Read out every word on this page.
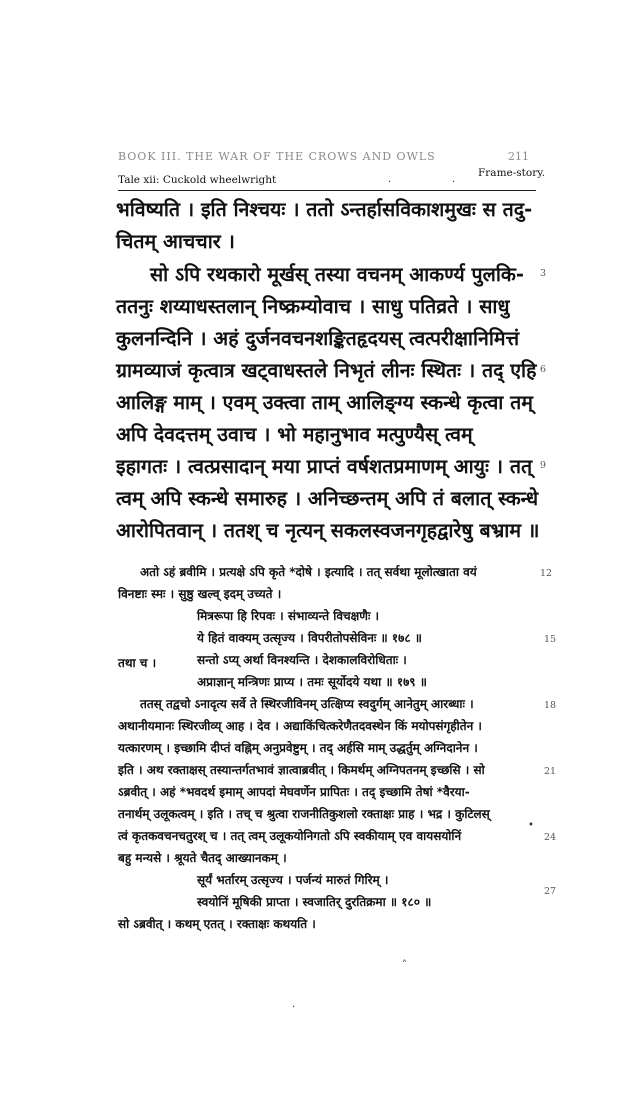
BOOK III. THE WAR OF THE CROWS AND OWLS	211
Tale xii: Cuckold wheelwright
Frame-story.
भविष्यति । इति निश्चयः । ततो ऽन्तर्हासविकाशमुखः स तदु-
चितम् आचचार ।
सो ऽपि रथकारो मूर्खस् तस्या वचनम् आकर्ण्य पुलकि-
ततनुः शय्याधस्तलान् निष्क्रम्योवाच । साधु पतिव्रते । साधु
कुलनन्दिनि । अहं दुर्जनवचनशङ्कितहृदयस् त्वत्परीक्षानिमित्तं
ग्रामव्याजं कृत्वात्र खट्वाधस्तले निभृतं लीनः स्थितः । तद् एहि
आलिङ्ग माम् । एवम् उक्त्वा ताम् आलिङ्ग्य स्कन्धे कृत्वा तम्
अपि देवदत्तम् उवाच । भो महानुभाव मत्पुण्यैस् त्वम्
इहागतः । त्वत्प्रसादान् मया प्राप्तं वर्षशतप्रमाणम् आयुः । तत्
त्वम् अपि स्कन्धे समारुह । अनिच्छन्तम् अपि तं बलात् स्कन्धे
आरोपितवान् । ततश् च नृत्यन् सकलस्वजनगृहद्वारेषु बभ्राम ॥
अतो ऽहं ब्रवीमि । प्रत्यक्षे ऽपि कृते *दोषे । इत्यादि । तत् सर्वथा मूलोत्खाता वयं
विनष्टाः स्मः । सुष्ठु खल्व् इदम् उच्यते ।
मित्ररूपा हि रिपवः । संभाव्यन्ते विचक्षणैः ।
ये हितं वाक्यम् उत्सृज्य । विपरीतोपसेविनः ॥ १७८ ॥
तथा च ।	सन्तो ऽप्य् अर्था विनश्यन्ति । देशकालविरोधिताः ।
अप्राज्ञान् मन्त्रिणः प्राप्य । तमः सूर्योदये यथा ॥ १७९ ॥
ततस् तद्वचो ऽनादृत्य सर्वे ते स्थिरजीविनम् उत्क्षिप्य स्वदुर्गम् आनेतुम् आरब्धाः ।
अथानीयमानः स्थिरजीव्य् आह । देव । अद्याकिंचित्करेणैतदवस्थेन किं मयोपसंगृहीतेन ।
यत्कारणम् । इच्छामि दीप्तं वह्निम् अनुप्रवेष्टुम् । तद् अर्हसि माम् उद्धर्तुम् अग्निदानेन ।
इति । अथ रक्ताक्षस् तस्यान्तर्गतभावं ज्ञात्वाब्रवीत् । किमर्थम् अग्निपतनम् इच्छसि । सो
ऽब्रवीत् । अहं *भवदर्थ इमाम् आपदां मेघवर्णेन प्रापितः । तद् इच्छामि तेषां *वैरया-
तनार्थम् उलूकत्वम् । इति । तच् च श्रुत्वा राजनीतिकुशलो रक्ताक्षः प्राह । भद्र । कुटिलस्
त्वं कृतकवचनचतुरश् च । तत् त्वम् उलूकयोनिगतो ऽपि स्वकीयाम् एव वायसयोनिं
बहु मन्यसे । श्रूयते चैतद् आख्यानकम् ।
सूर्यं भर्तारम् उत्सृज्य । पर्जन्यं मारुतं गिरिम् ।
स्वयोनिं मूषिकी प्राप्ता । स्वजातिर् दुरतिक्रमा ॥ १८० ॥
सो ऽब्रवीत् । कथम् एतत् । रक्ताक्षः कथयति ।
3
6
9
12
15
18
21
24
27
·	·
•
˄
·
